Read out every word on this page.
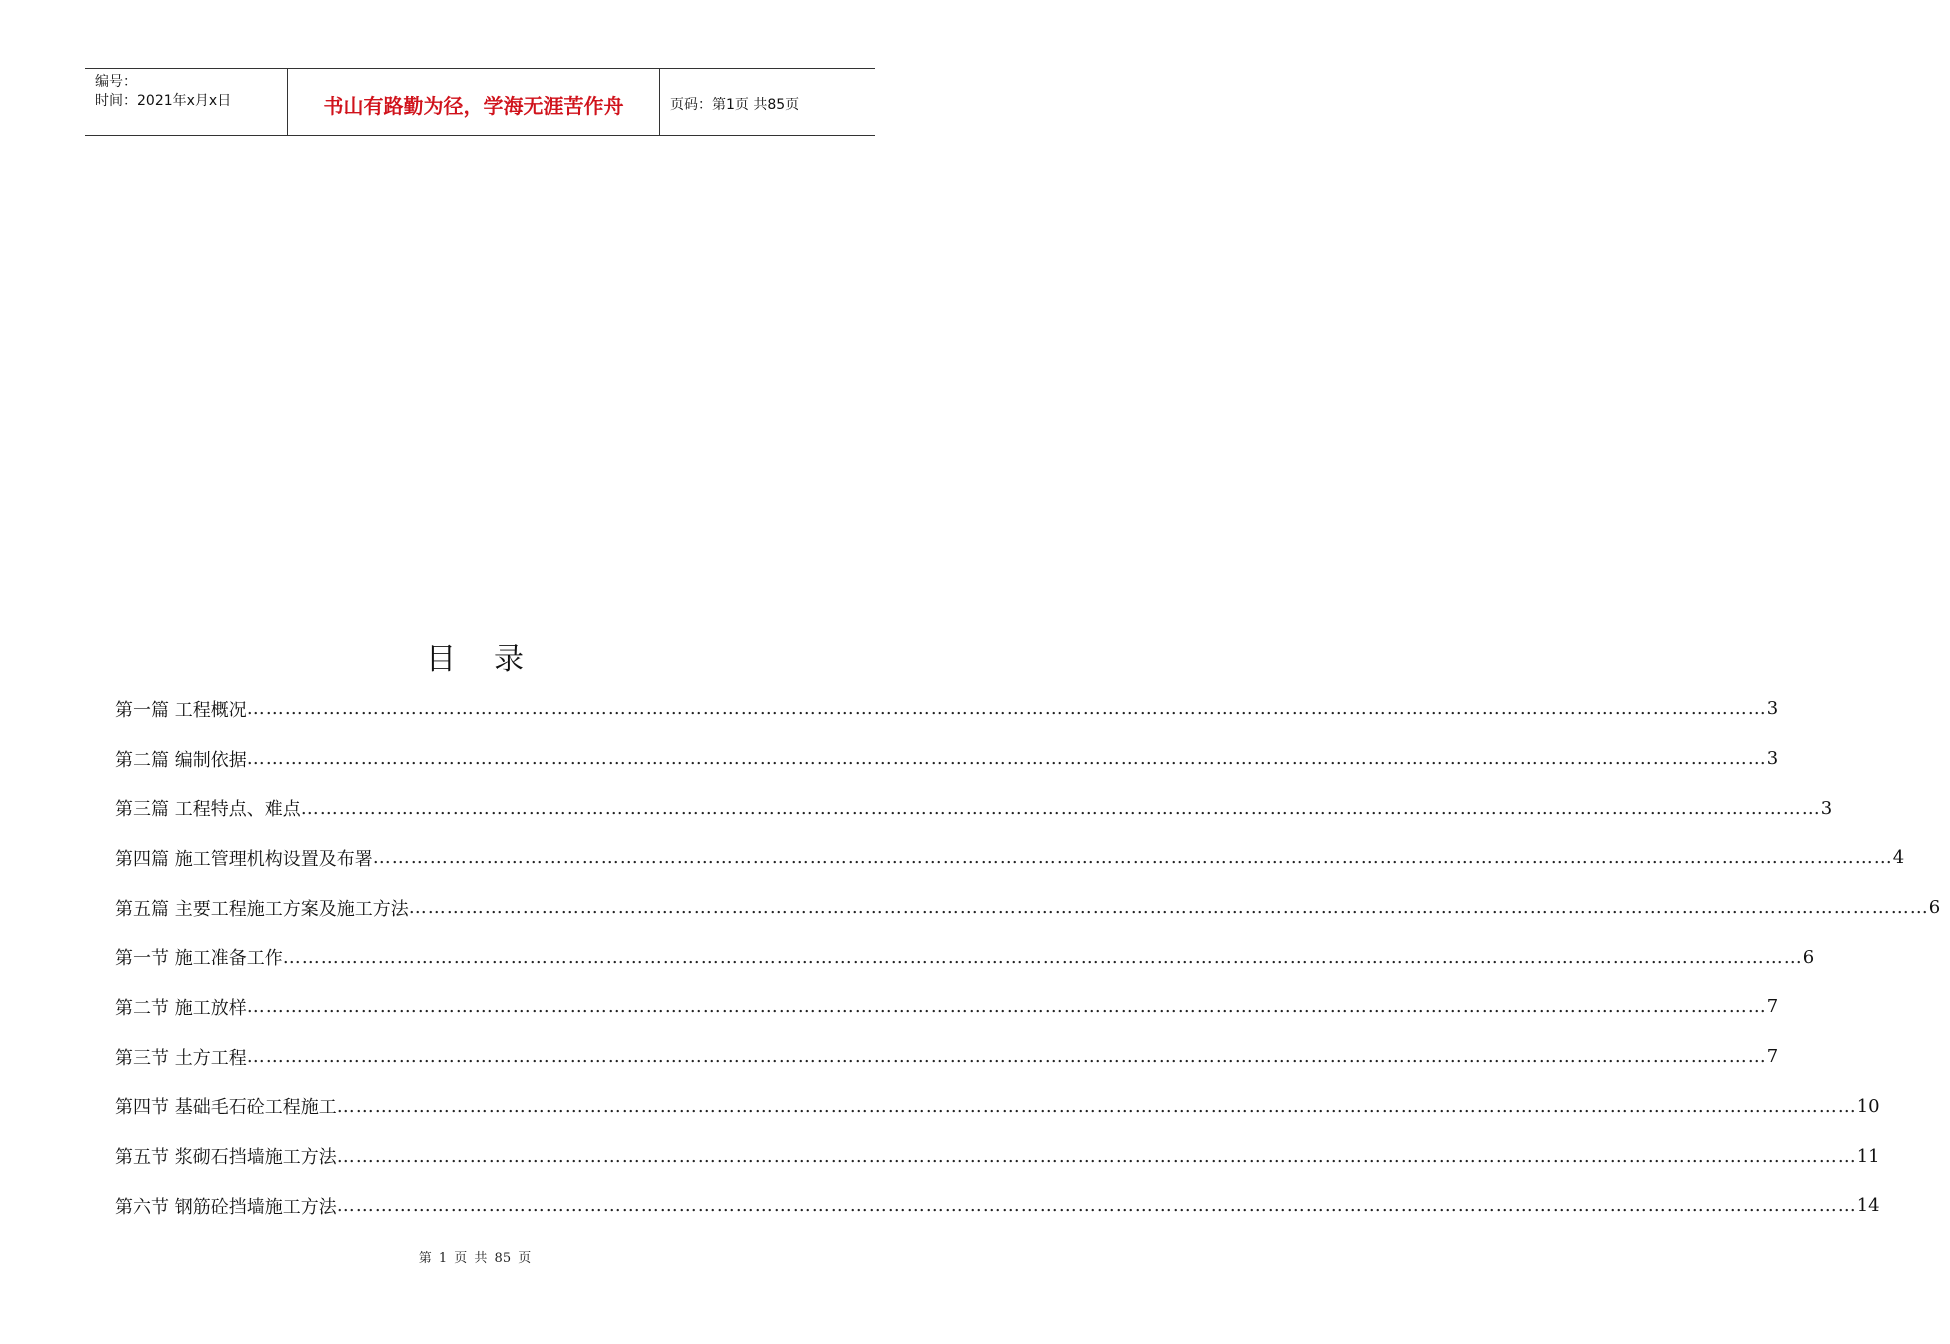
编号：
时间：2021年x月x日	书山有路勤为径，学海无涯苦作舟	页码：第1页 共85页
目录
第一篇 工程概况 …………………………………………………………………………………………………………………………………………………………………………………………………………………… 3
第二篇 编制依据 …………………………………………………………………………………………………………………………………………………………………………………………………………………… 3
第三篇 工程特点、难点 …………………………………………………………………………………………………………………………………………………………………………………………………………………… 3
第四篇 施工管理机构设置及布署 …………………………………………………………………………………………………………………………………………………………………………………………………………………… 4
第五篇 主要工程施工方案及施工方法 …………………………………………………………………………………………………………………………………………………………………………………………………………………… 6
第一节 施工准备工作 …………………………………………………………………………………………………………………………………………………………………………………………………………………… 6
第二节 施工放样 …………………………………………………………………………………………………………………………………………………………………………………………………………………… 7
第三节 土方工程 …………………………………………………………………………………………………………………………………………………………………………………………………………………… 7
第四节 基础毛石砼工程施工 …………………………………………………………………………………………………………………………………………………………………………………………………………………… 10
第五节 浆砌石挡墙施工方法 …………………………………………………………………………………………………………………………………………………………………………………………………………………… 11
第六节 钢筋砼挡墙施工方法 …………………………………………………………………………………………………………………………………………………………………………………………………………………… 14
第 1 页 共 85 页
